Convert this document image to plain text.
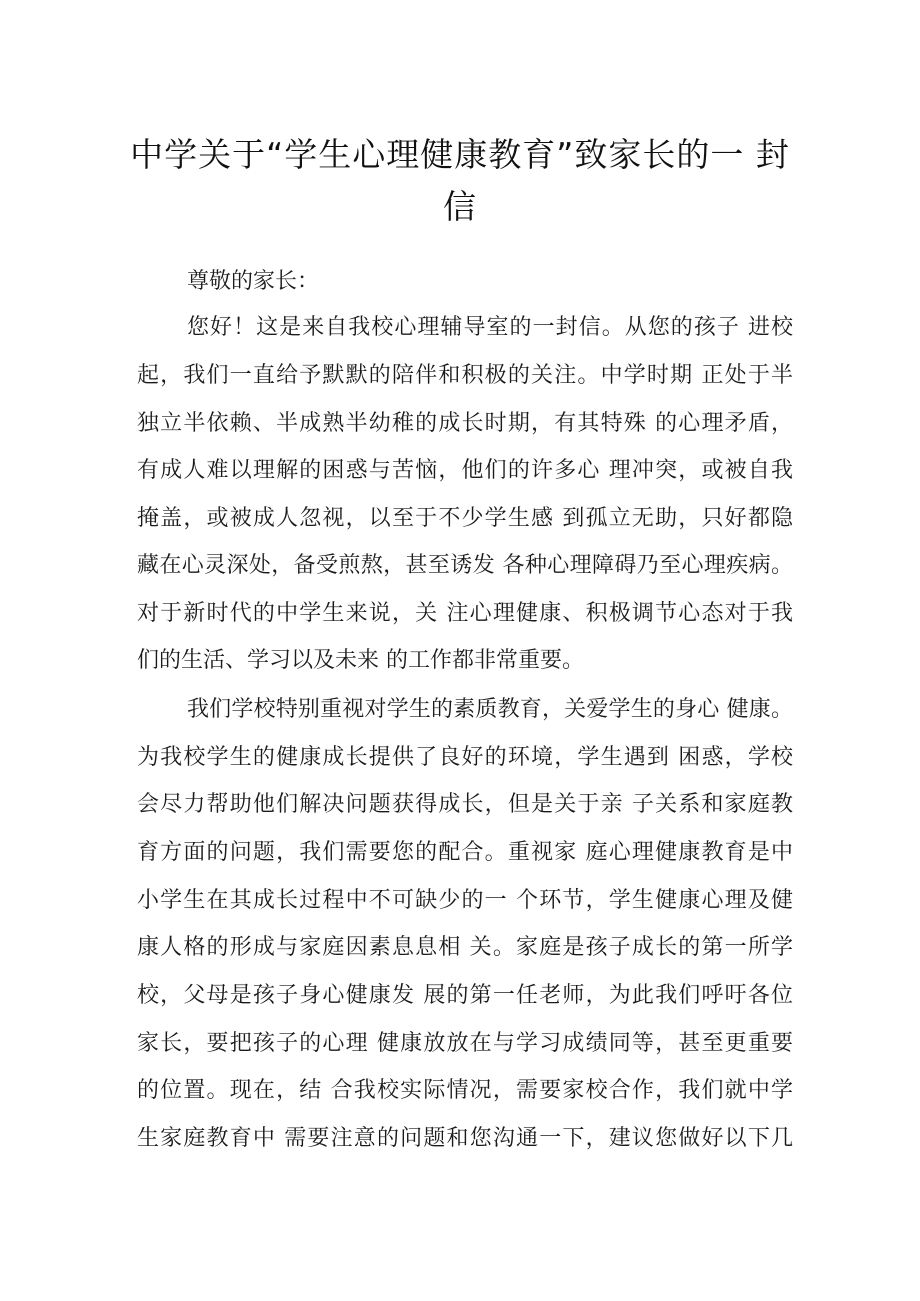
中学关于“学生心理健康教育”致家长的一 封
信

尊敬的家长：

您好！这是来自我校心理辅导室的一封信。从您的孩子 进校

起，我们一直给予默默的陪伴和积极的关注。中学时期 正处于半

独立半依赖、半成熟半幼稚的成长时期，有其特殊 的心理矛盾，

有成人难以理解的困惑与苦恼，他们的许多心 理冲突，或被自我

掩盖，或被成人忽视，以至于不少学生感 到孤立无助，只好都隐

藏在心灵深处，备受煎熬，甚至诱发 各种心理障碍乃至心理疾病。

对于新时代的中学生来说，关 注心理健康、积极调节心态对于我

们的生活、学习以及未来 的工作都非常重要。

我们学校特别重视对学生的素质教育，关爱学生的身心 健康。

为我校学生的健康成长提供了良好的环境，学生遇到 困惑，学校

会尽力帮助他们解决问题获得成长，但是关于亲 子关系和家庭教

育方面的问题，我们需要您的配合。重视家 庭心理健康教育是中

小学生在其成长过程中不可缺少的一 个环节，学生健康心理及健

康人格的形成与家庭因素息息相 关。家庭是孩子成长的第一所学

校，父母是孩子身心健康发 展的第一任老师，为此我们呼吁各位

家长，要把孩子的心理 健康放放在与学习成绩同等，甚至更重要

的位置。现在，结 合我校实际情况，需要家校合作，我们就中学

生家庭教育中 需要注意的问题和您沟通一下，建议您做好以下几
